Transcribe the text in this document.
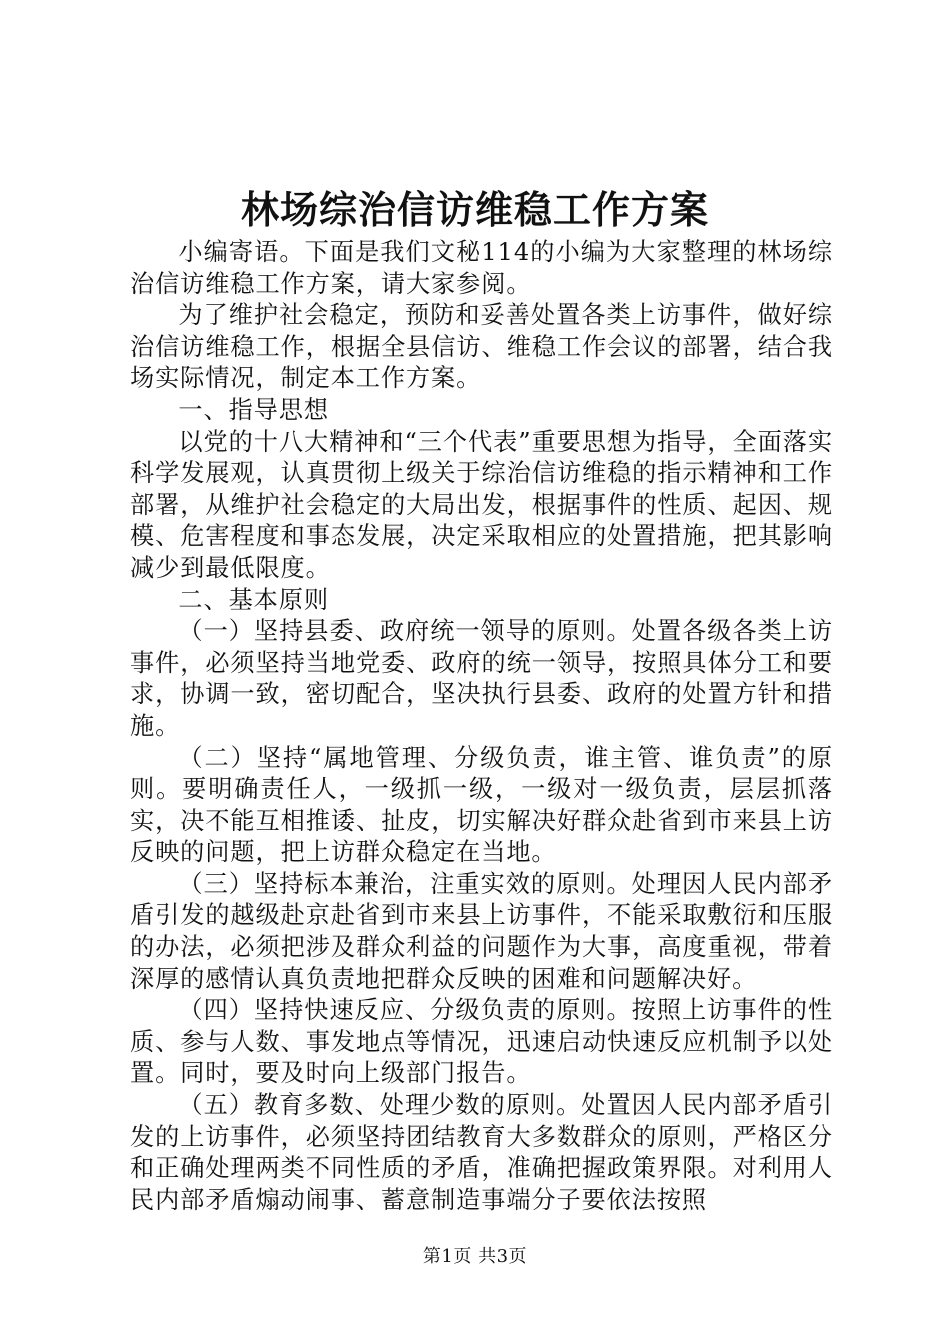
林场综治信访维稳工作方案

小编寄语。下面是我们文秘114的小编为大家整理的林场综治信访维稳工作方案，请大家参阅。

为了维护社会稳定，预防和妥善处置各类上访事件，做好综治信访维稳工作，根据全县信访、维稳工作会议的部署，结合我场实际情况，制定本工作方案。

一、指导思想

以党的十八大精神和“三个代表”重要思想为指导，全面落实科学发展观，认真贯彻上级关于综治信访维稳的指示精神和工作部署，从维护社会稳定的大局出发，根据事件的性质、起因、规模、危害程度和事态发展，决定采取相应的处置措施，把其影响减少到最低限度。

二、基本原则

（一）坚持县委、政府统一领导的原则。处置各级各类上访事件，必须坚持当地党委、政府的统一领导，按照具体分工和要求，协调一致，密切配合，坚决执行县委、政府的处置方针和措施。

（二）坚持“属地管理、分级负责，谁主管、谁负责”的原则。要明确责任人，一级抓一级，一级对一级负责，层层抓落实，决不能互相推诿、扯皮，切实解决好群众赴省到市来县上访反映的问题，把上访群众稳定在当地。

（三）坚持标本兼治，注重实效的原则。处理因人民内部矛盾引发的越级赴京赴省到市来县上访事件，不能采取敷衍和压服的办法，必须把涉及群众利益的问题作为大事，高度重视，带着深厚的感情认真负责地把群众反映的困难和问题解决好。

（四）坚持快速反应、分级负责的原则。按照上访事件的性质、参与人数、事发地点等情况，迅速启动快速反应机制予以处置。同时，要及时向上级部门报告。

（五）教育多数、处理少数的原则。处置因人民内部矛盾引发的上访事件，必须坚持团结教育大多数群众的原则，严格区分和正确处理两类不同性质的矛盾，准确把握政策界限。对利用人民内部矛盾煽动闹事、蓄意制造事端分子要依法按照

第1页 共3页
